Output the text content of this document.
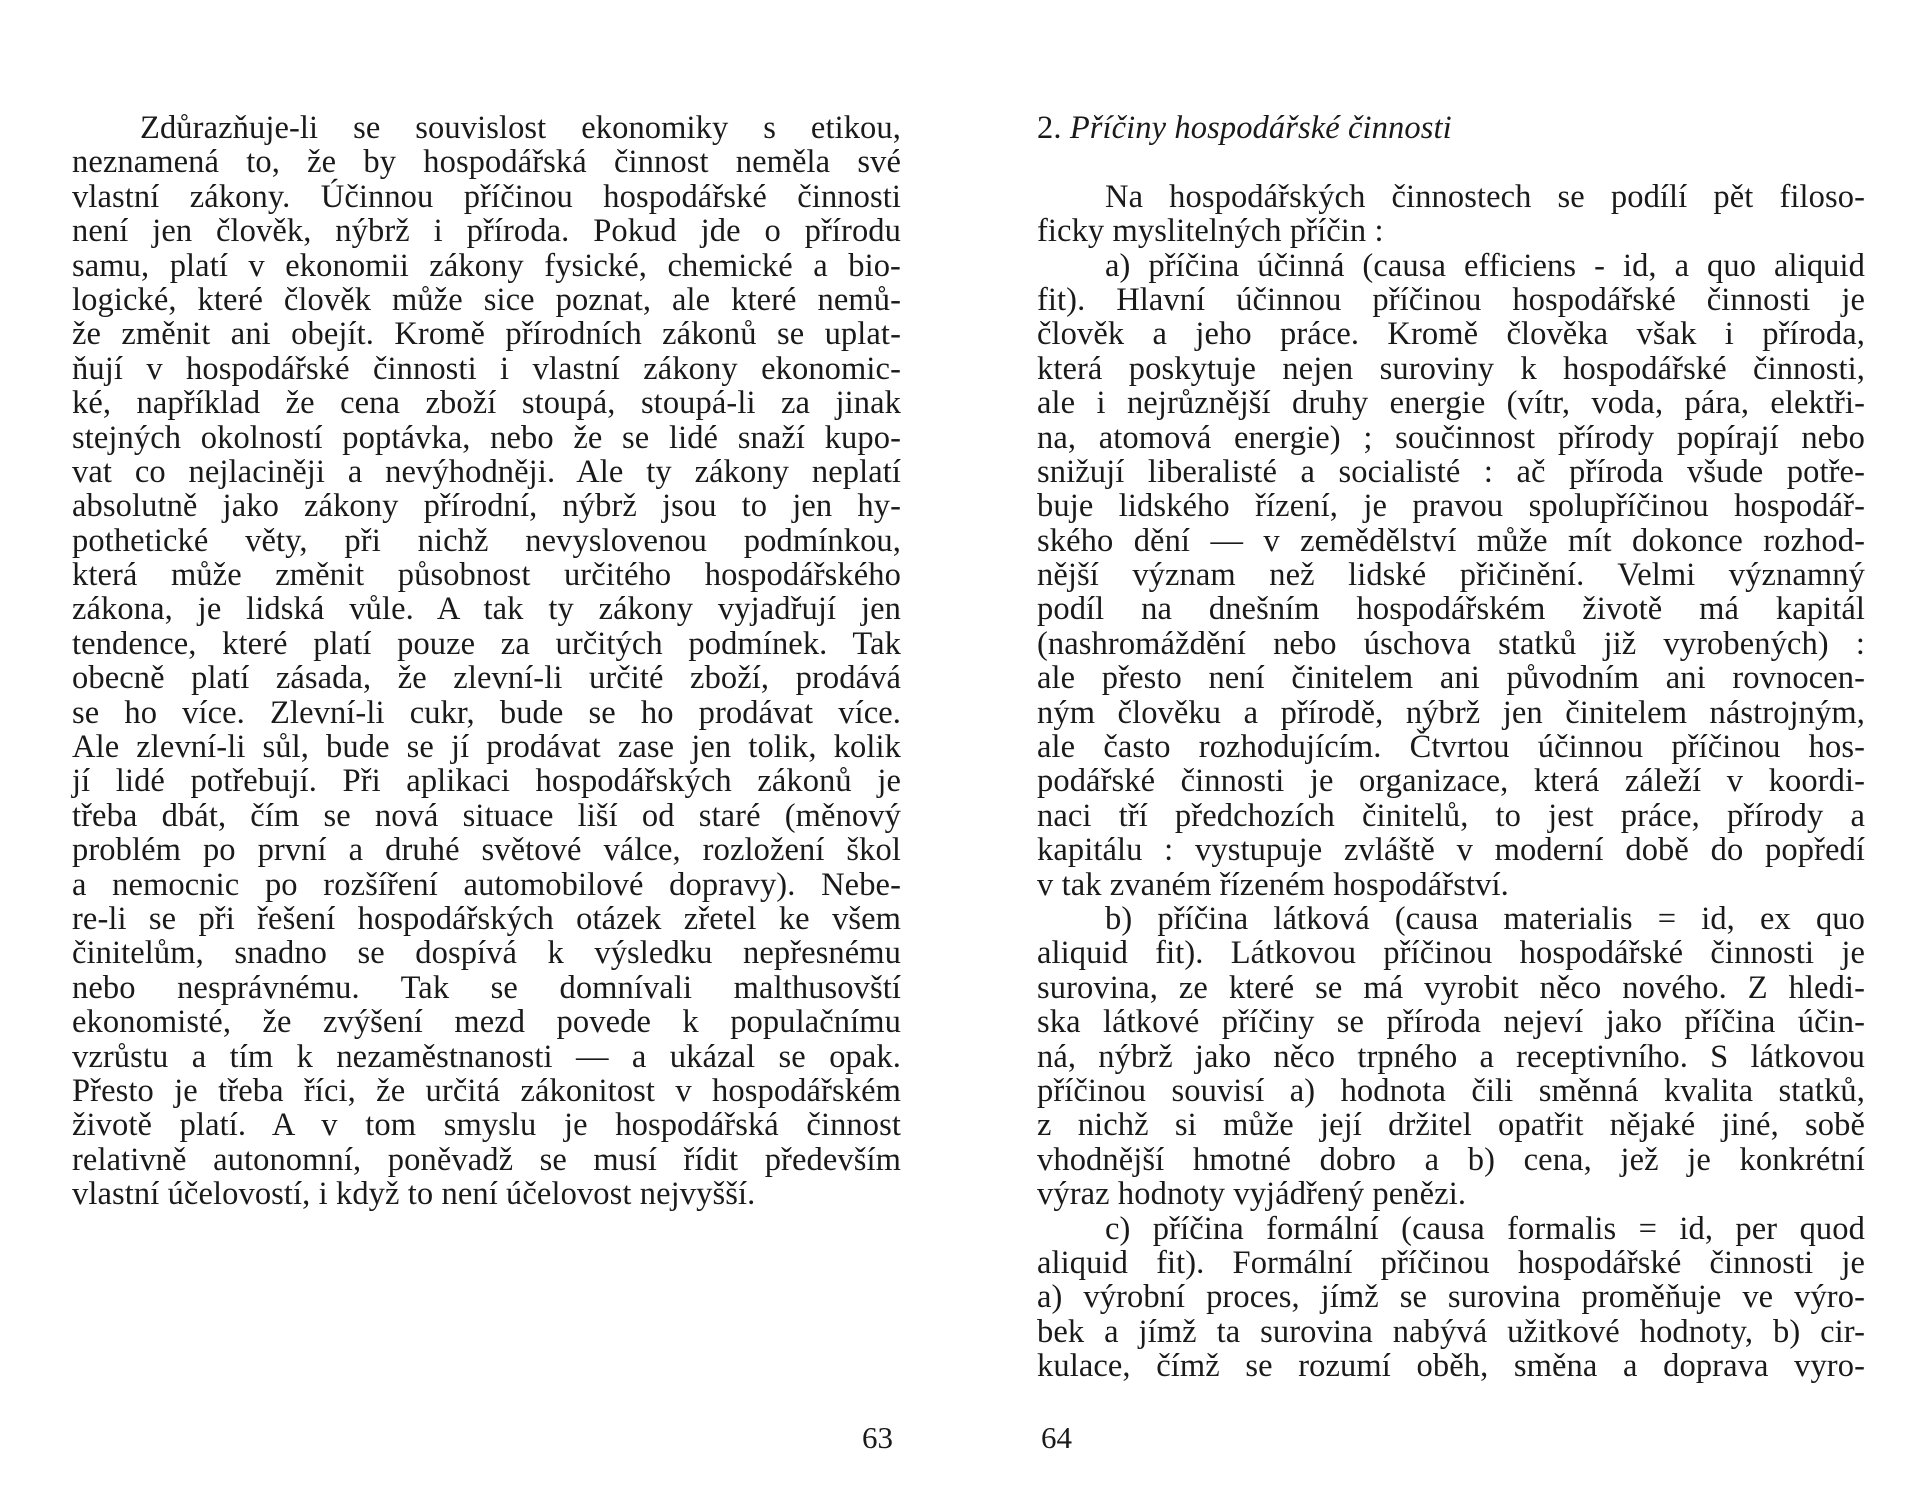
Zdůrazňuje-li se souvislost ekonomiky s etikou,
neznamená to, že by hospodářská činnost neměla své
vlastní zákony. Účinnou příčinou hospodářské činnosti
není jen člověk, nýbrž i příroda. Pokud jde o přírodu
samu, platí v ekonomii zákony fysické, chemické a bio-
logické, které člověk může sice poznat, ale které nemů-
že změnit ani obejít. Kromě přírodních zákonů se uplat-
ňují v hospodářské činnosti i vlastní zákony ekonomic-
ké, například že cena zboží stoupá, stoupá-li za jinak
stejných okolností poptávka, nebo že se lidé snaží kupo-
vat co nejlaciněji a nevýhodněji. Ale ty zákony neplatí
absolutně jako zákony přírodní, nýbrž jsou to jen hy-
pothetické věty, při nichž nevyslovenou podmínkou,
která může změnit působnost určitého hospodářského
zákona, je lidská vůle. A tak ty zákony vyjadřují jen
tendence, které platí pouze za určitých podmínek. Tak
obecně platí zásada, že zlevní-li určité zboží, prodává
se ho více. Zlevní-li cukr, bude se ho prodávat více.
Ale zlevní-li sůl, bude se jí prodávat zase jen tolik, kolik
jí lidé potřebují. Při aplikaci hospodářských zákonů je
třeba dbát, čím se nová situace liší od staré (měnový
problém po první a druhé světové válce, rozložení škol
a nemocnic po rozšíření automobilové dopravy). Nebe-
re-li se při řešení hospodářských otázek zřetel ke všem
činitelům, snadno se dospívá k výsledku nepřesnému
nebo nesprávnému. Tak se domnívali malthusovští
ekonomisté, že zvýšení mezd povede k populačnímu
vzrůstu a tím k nezaměstnanosti — a ukázal se opak.
Přesto je třeba říci, že určitá zákonitost v hospodářském
životě platí. A v tom smyslu je hospodářská činnost
relativně autonomní, poněvadž se musí řídit především
vlastní účelovostí, i když to není účelovost nejvyšší.
63
2. Příčiny hospodářské činnosti
Na hospodářských činnostech se podílí pět filoso-
ficky myslitelných příčin :
a) příčina účinná (causa efficiens - id, a quo aliquid
fit). Hlavní účinnou příčinou hospodářské činnosti je
člověk a jeho práce. Kromě člověka však i příroda,
která poskytuje nejen suroviny k hospodářské činnosti,
ale i nejrůznější druhy energie (vítr, voda, pára, elektři-
na, atomová energie) ; součinnost přírody popírají nebo
snižují liberalisté a socialisté : ač příroda všude potře-
buje lidského řízení, je pravou spolupříčinou hospodář-
ského dění — v zemědělství může mít dokonce rozhod-
nější význam než lidské přičinění. Velmi významný
podíl na dnešním hospodářském životě má kapitál
(nashromáždění nebo úschova statků již vyrobených) :
ale přesto není činitelem ani původním ani rovnocen-
ným člověku a přírodě, nýbrž jen činitelem nástrojným,
ale často rozhodujícím. Čtvrtou účinnou příčinou hos-
podářské činnosti je organizace, která záleží v koordi-
naci tří předchozích činitelů, to jest práce, přírody a
kapitálu : vystupuje zvláště v moderní době do popředí
v tak zvaném řízeném hospodářství.
b) příčina látková (causa materialis = id, ex quo
aliquid fit). Látkovou příčinou hospodářské činnosti je
surovina, ze které se má vyrobit něco nového. Z hledi-
ska látkové příčiny se příroda nejeví jako příčina účin-
ná, nýbrž jako něco trpného a receptivního. S látkovou
příčinou souvisí a) hodnota čili směnná kvalita statků,
z nichž si může její držitel opatřit nějaké jiné, sobě
vhodnější hmotné dobro a b) cena, jež je konkrétní
výraz hodnoty vyjádřený penězi.
c) příčina formální (causa formalis = id, per quod
aliquid fit). Formální příčinou hospodářské činnosti je
a) výrobní proces, jímž se surovina proměňuje ve výro-
bek a jímž ta surovina nabývá užitkové hodnoty, b) cir-
kulace, čímž se rozumí oběh, směna a doprava vyro-
64
